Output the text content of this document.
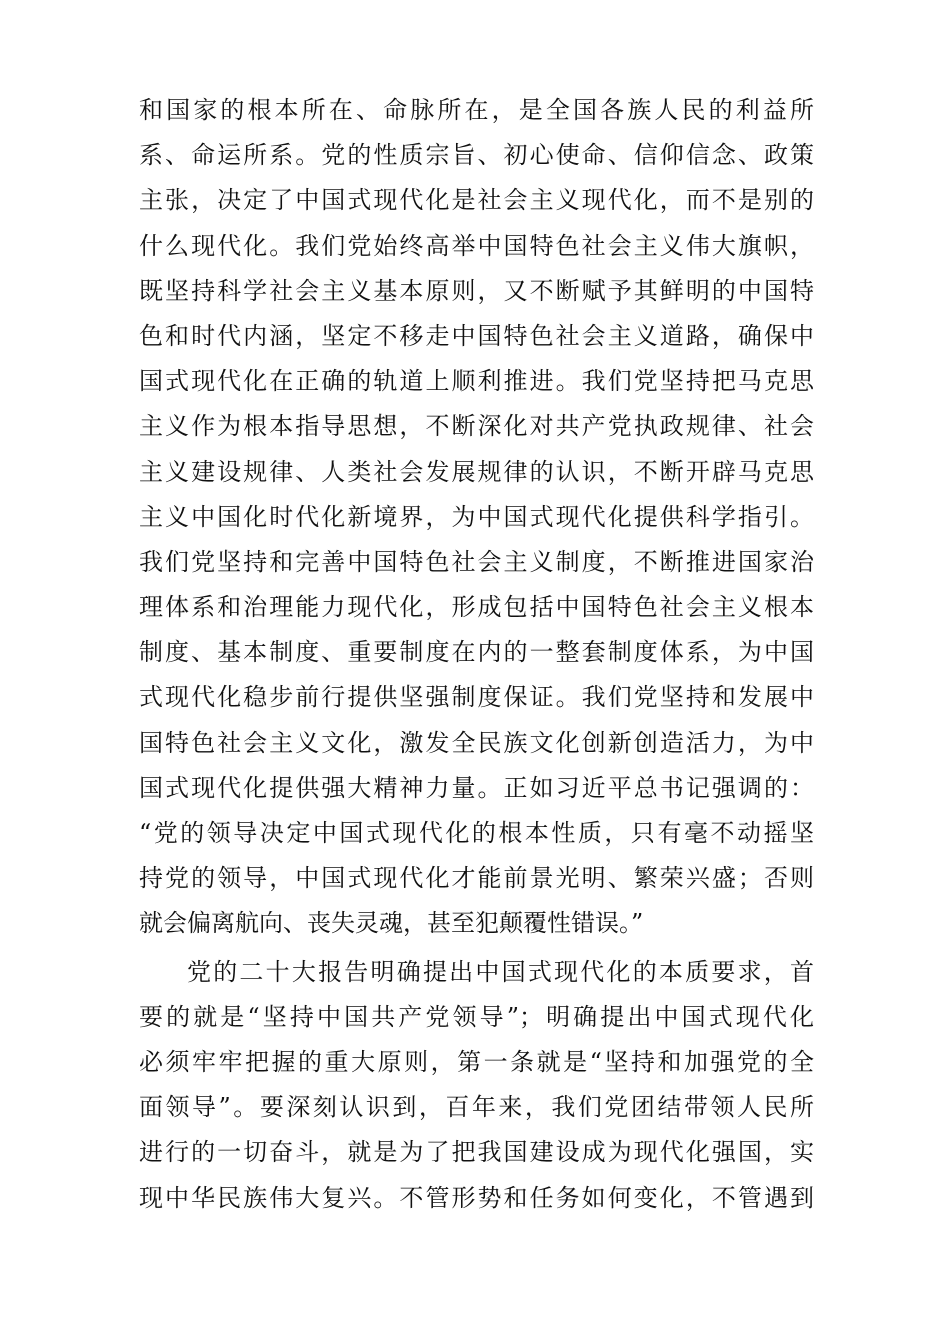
和国家的根本所在、命脉所在，是全国各族人民的利益所
系、命运所系。党的性质宗旨、初心使命、信仰信念、政策
主张，决定了中国式现代化是社会主义现代化，而不是别的
什么现代化。我们党始终高举中国特色社会主义伟大旗帜，
既坚持科学社会主义基本原则，又不断赋予其鲜明的中国特
色和时代内涵，坚定不移走中国特色社会主义道路，确保中
国式现代化在正确的轨道上顺利推进。我们党坚持把马克思
主义作为根本指导思想，不断深化对共产党执政规律、社会
主义建设规律、人类社会发展规律的认识，不断开辟马克思
主义中国化时代化新境界，为中国式现代化提供科学指引。
我们党坚持和完善中国特色社会主义制度，不断推进国家治
理体系和治理能力现代化，形成包括中国特色社会主义根本
制度、基本制度、重要制度在内的一整套制度体系，为中国
式现代化稳步前行提供坚强制度保证。我们党坚持和发展中
国特色社会主义文化，激发全民族文化创新创造活力，为中
国式现代化提供强大精神力量。正如习近平总书记强调的：
“党的领导决定中国式现代化的根本性质，只有毫不动摇坚
持党的领导，中国式现代化才能前景光明、繁荣兴盛；否则
就会偏离航向、丧失灵魂，甚至犯颠覆性错误。”
党的二十大报告明确提出中国式现代化的本质要求，首
要的就是“坚持中国共产党领导”；明确提出中国式现代化
必须牢牢把握的重大原则，第一条就是“坚持和加强党的全
面领导”。要深刻认识到，百年来，我们党团结带领人民所
进行的一切奋斗，就是为了把我国建设成为现代化强国，实
现中华民族伟大复兴。不管形势和任务如何变化，不管遇到
